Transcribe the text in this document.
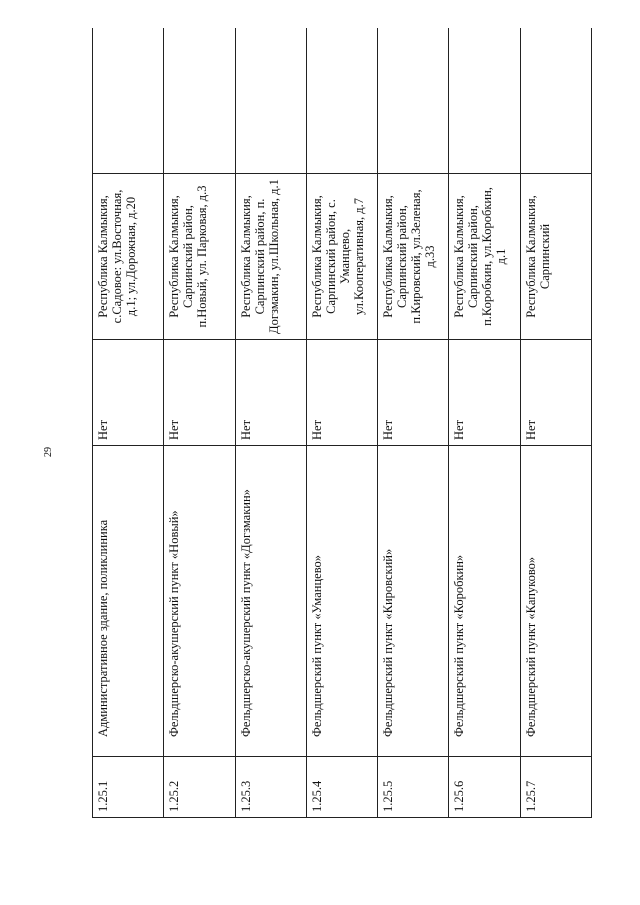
29
1.25.1	Административное здание, поликлиника	Нет	Республика Калмыкия, с.Садовое: ул.Восточная, д.1; ул.Дорожная, д.20	
1.25.2	Фельдшерско-акушерский пункт «Новый»	Нет	Республика Калмыкия, Сарпинский район, п.Новый, ул. Парковая, д.3	
1.25.3	Фельдшерско-акушерский пункт «Догзмакин»	Нет	Республика Калмыкия, Сарпинский район, п. Догзмакин, ул.Школьная, д.1	
1.25.4	Фельдшерский пункт «Уманцево»	Нет	Республика Калмыкия, Сарпинский район, с. Уманцево, ул.Кооперативная, д.7	
1.25.5	Фельдшерский пункт «Кировский»	Нет	Республика Калмыкия, Сарпинский район, п.Кировский, ул.Зеленая, д.33	
1.25.6	Фельдшерский пункт «Коробкин»	Нет	Республика Калмыкия, Сарпинский район, п.Коробкин, ул.Коробкин, д.1	
1.25.7	Фельдшерский пункт «Капуково»	Нет	Республика Калмыкия, Сарпинский	
